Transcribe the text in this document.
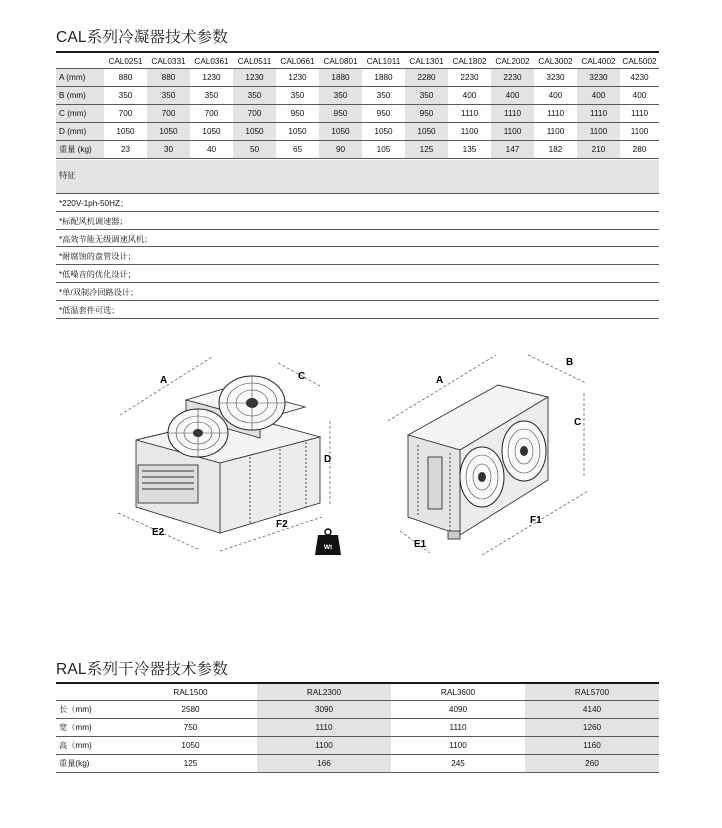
CAL系列冷凝器技术参数
	CAL0251	CAL0331	CAL0361	CAL0511	CAL0661	CAL0801	CAL1011	CAL1301	CAL1802	CAL2002	CAL3002	CAL4002	CAL5002
A (mm)	880	880	1230	1230	1230	1880	1880	2280	2230	2230	3230	3230	4230
B (mm)	350	350	350	350	350	350	350	350	400	400	400	400	400
C (mm)	700	700	700	700	950	950	950	950	1110	1110	1110	1110	1110
D (mm)	1050	1050	1050	1050	1050	1050	1050	1050	1100	1100	1100	1100	1100
重量 (kg)	23	30	40	50	65	90	105	125	135	147	182	210	280
特征
*220V-1ph-50HZ；
*标配风机调速器；
*高效节能无级调速风机；
*耐腐蚀的盘管设计；
*低噪音的优化设计；
*单/双制冷回路设计；
*低温套件可选；
A	C
D
E2
F2
Wt
A
B
C
E1
F1
RAL系列干冷器技术参数
	RAL1500	RAL2300	RAL3600	RAL5700
长（mm)	2580	3090	4090	4140
宽（mm)	750	1110	1110	1260
高（mm)	1050	1100	1100	1160
重量(kg)	125	166	245	260
